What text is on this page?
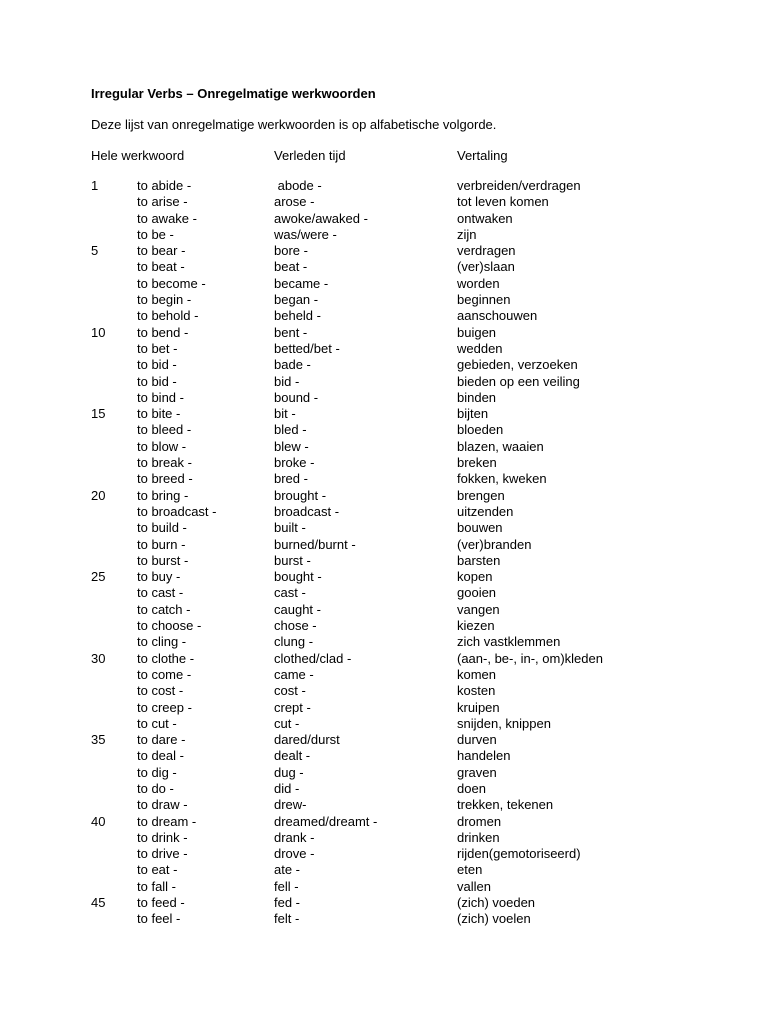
Irregular Verbs – Onregelmatige werkwoorden
Deze lijst van onregelmatige werkwoorden is op alfabetische volgorde.
Hele werkwoord	Verleden tijd	Vertaling
1	to abide -	abode -	verbreiden/verdragen
to arise -	arose -	tot leven komen
to awake -	awoke/awaked -	ontwaken
to be -	was/were -	zijn
5	to bear -	bore -	verdragen
to beat -	beat -	(ver)slaan
to become -	became -	worden
to begin -	began -	beginnen
to behold -	beheld -	aanschouwen
10 to bend -	bent -	buigen
to bet -	betted/bet -	wedden
to bid -	bade -	gebieden, verzoeken
to bid -	bid -	bieden op een veiling
to bind -	bound -	binden
15 to bite -	bit -	bijten
to bleed -	bled -	bloeden
to blow -	blew -	blazen, waaien
to break -	broke -	breken
to breed -	bred -	fokken, kweken
20 to bring -	brought -	brengen
to broadcast -	broadcast -	uitzenden
to build -	built -	bouwen
to burn -	burned/burnt -	(ver)branden
to burst -	burst -	barsten
25 to buy -	bought -	kopen
to cast -	cast -	gooien
to catch -	caught -	vangen
to choose -	chose -	kiezen
to cling -	clung -	zich vastklemmen
30 to clothe -	clothed/clad -	(aan-, be-, in-, om)kleden
to come -	came -	komen
to cost -	cost -	kosten
to creep -	crept -	kruipen
to cut -	cut -	snijden, knippen
35 to dare -	dared/durst	durven
to deal -	dealt -	handelen
to dig -	dug -	graven
to do -	did -	doen
to draw -	drew-	trekken, tekenen
40 to dream -	dreamed/dreamt -	dromen
to drink -	drank -	drinken
to drive -	drove -	rijden(gemotoriseerd)
to eat -	ate -	eten
to fall -	fell -	vallen
45 to feed -	fed -	(zich) voeden
to feel -	felt -	(zich) voelen
